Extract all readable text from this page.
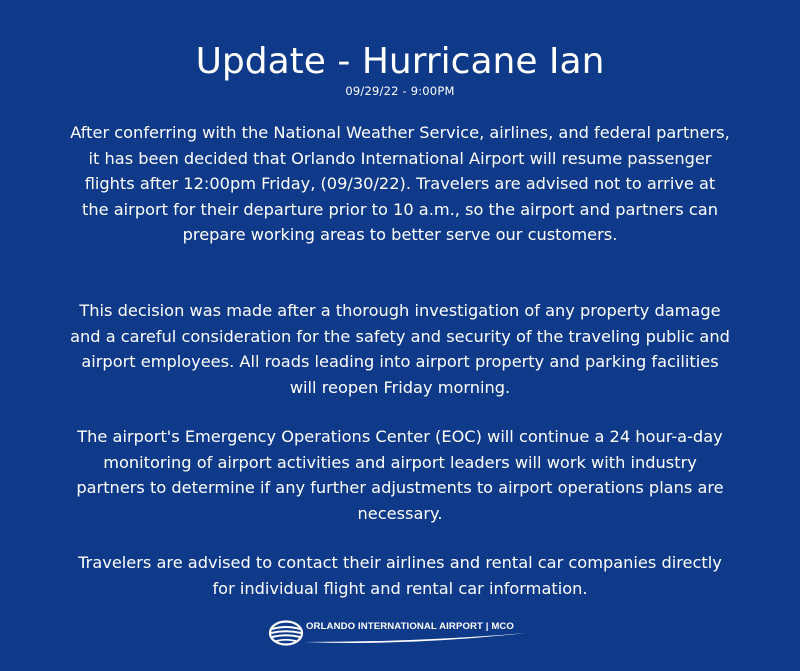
Update - Hurricane Ian
09/29/22 - 9:00PM

After conferring with the National Weather Service, airlines, and federal partners, it has been decided that Orlando International Airport will resume passenger flights after 12:00pm Friday, (09/30/22). Travelers are advised not to arrive at the airport for their departure prior to 10 a.m., so the airport and partners can prepare working areas to better serve our customers.

This decision was made after a thorough investigation of any property damage and a careful consideration for the safety and security of the traveling public and airport employees. All roads leading into airport property and parking facilities will reopen Friday morning.

The airport's Emergency Operations Center (EOC) will continue a 24 hour-a-day monitoring of airport activities and airport leaders will work with industry partners to determine if any further adjustments to airport operations plans are necessary.

Travelers are advised to contact their airlines and rental car companies directly for individual flight and rental car information.

ORLANDO INTERNATIONAL AIRPORT | MCO
